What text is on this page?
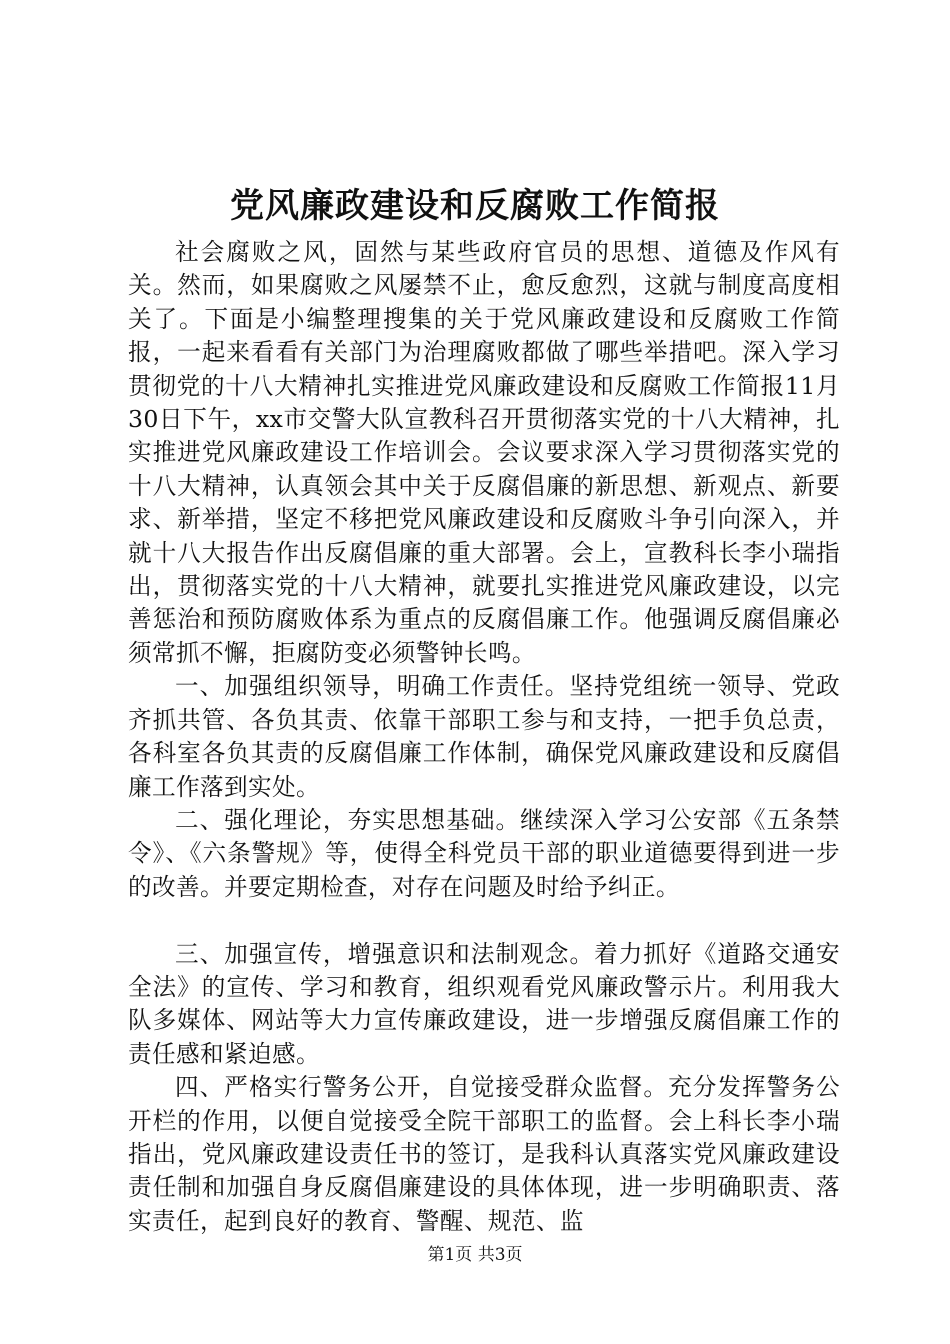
党风廉政建设和反腐败工作简报

社会腐败之风，固然与某些政府官员的思想、道德及作风有关。然而，如果腐败之风屡禁不止，愈反愈烈，这就与制度高度相关了。下面是小编整理搜集的关于党风廉政建设和反腐败工作简报，一起来看看有关部门为治理腐败都做了哪些举措吧。深入学习贯彻党的十八大精神扎实推进党风廉政建设和反腐败工作简报11月30日下午，xx市交警大队宣教科召开贯彻落实党的十八大精神，扎实推进党风廉政建设工作培训会。会议要求深入学习贯彻落实党的十八大精神，认真领会其中关于反腐倡廉的新思想、新观点、新要求、新举措，坚定不移把党风廉政建设和反腐败斗争引向深入，并就十八大报告作出反腐倡廉的重大部署。会上，宣教科长李小瑞指出，贯彻落实党的十八大精神，就要扎实推进党风廉政建设，以完善惩治和预防腐败体系为重点的反腐倡廉工作。他强调反腐倡廉必须常抓不懈，拒腐防变必须警钟长鸣。

一、加强组织领导，明确工作责任。坚持党组统一领导、党政齐抓共管、各负其责、依靠干部职工参与和支持，一把手负总责，各科室各负其责的反腐倡廉工作体制，确保党风廉政建设和反腐倡廉工作落到实处。

二、强化理论，夯实思想基础。继续深入学习公安部《五条禁令》、《六条警规》等，使得全科党员干部的职业道德要得到进一步的改善。并要定期检查，对存在问题及时给予纠正。

三、加强宣传，增强意识和法制观念。着力抓好《道路交通安全法》的宣传、学习和教育，组织观看党风廉政警示片。利用我大队多媒体、网站等大力宣传廉政建设，进一步增强反腐倡廉工作的责任感和紧迫感。

四、严格实行警务公开，自觉接受群众监督。充分发挥警务公开栏的作用，以便自觉接受全院干部职工的监督。会上科长李小瑞指出，党风廉政建设责任书的签订，是我科认真落实党风廉政建设责任制和加强自身反腐倡廉建设的具体体现，进一步明确职责、落实责任，起到良好的教育、警醒、规范、监

第1页 共3页
